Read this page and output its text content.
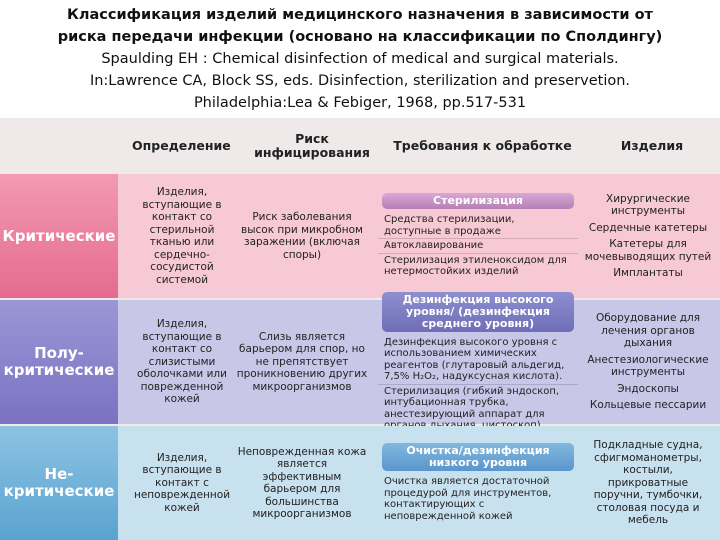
Классификация изделий медицинского назначения в зависимости от
риска передачи инфекции (основано на классификации по Сполдингу)
Spaulding EH : Chemical disinfection of medical and surgical materials.
In:Lawrence CA, Block SS, eds. Disinfection, sterilization and preservetion.
Philadelphia:Lea & Febiger, 1968, pp.517-531
Определение	Риск инфицирования Требования к обработке	Изделия
Критические
Изделия, вступающие в контакт со стерильной тканью или сердечно-сосудистой системой
Риск заболевания высок при микробном заражении (включая споры)
Стерилизация
Средства стерилизации, доступные в продаже
Автоклавирование
Стерилизация этиленоксидом для нетермостойких изделий

Хирургические инструменты

Сердечные катетеры

Катетеры для мочевыводящих путей

Имплантаты

Полу-критические
Изделия, вступающие в контакт со слизистыми оболочками или поврежденной кожей
Слизь является барьером для спор, но не препятствует проникновению других микроорганизмов
Дезинфекция высокого уровня/ (дезинфекция среднего уровня)
Дезинфекция высокого уровня с использованием химических реагентов (глутаровый альдегид, 7,5% H₂O₂, надуксусная кислота).
Стерилизация (гибкий эндоскоп, интубационная трубка, анестезирующий аппарат для

Оборудование для лечения органов дыхания

Анестезиологические инструменты

Эндоскопы

Кольцевые пессарии

Не-критические
Изделия, вступающие в контакт с неповрежденной кожей
Неповрежденная кожа является эффективным барьером для большинства микроорганизмов
Очистка/дезинфекция низкого уровня
Очистка является достаточной процедурой для инструментов, контактирующих с неповрежденной кожей

Подкладные судна, сфигмоманометры, костыли, прикроватные поручни, тумбочки, столовая посуда и мебель
